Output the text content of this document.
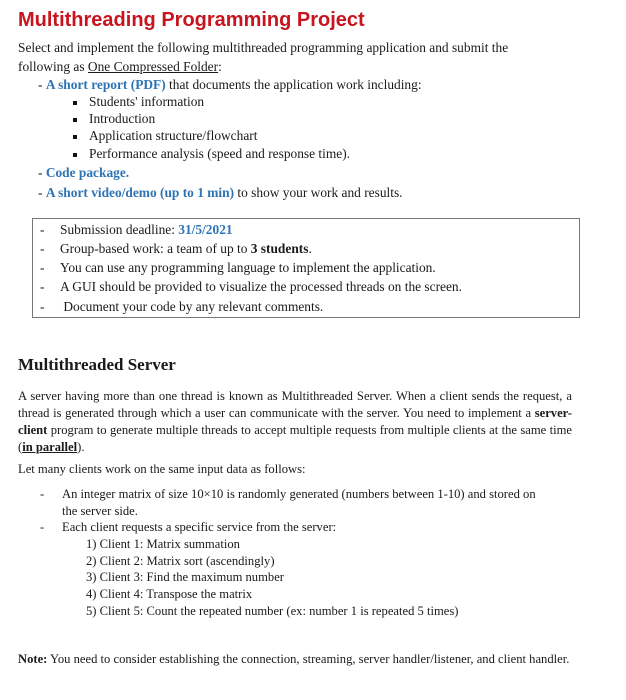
Multithreading Programming Project
Select and implement the following multithreaded programming application and submit the
following as One Compressed Folder:
- A short report (PDF) that documents the application work including:
Students' information
Introduction
Application structure/flowchart
Performance analysis (speed and response time).
- Code package.
- A short video/demo (up to 1 min) to show your work and results.
- Submission deadline: 31/5/2021
- Group-based work: a team of up to 3 students.
- You can use any programming language to implement the application.
- A GUI should be provided to visualize the processed threads on the screen.
- Document your code by any relevant comments.
Multithreaded Server
A server having more than one thread is known as Multithreaded Server. When a client sends the request, a thread is generated through which a user can communicate with the server. You need to implement a server-client program to generate multiple threads to accept multiple requests from multiple clients at the same time (in parallel).
Let many clients work on the same input data as follows:
- An integer matrix of size 10×10 is randomly generated (numbers between 1-10) and stored on
the server side.
- Each client requests a specific service from the server:
1) Client 1: Matrix summation
2) Client 2: Matrix sort (ascendingly)
3) Client 3: Find the maximum number
4) Client 4: Transpose the matrix
5) Client 5: Count the repeated number (ex: number 1 is repeated 5 times)
Note: You need to consider establishing the connection, streaming, server handler/listener, and client handler.
